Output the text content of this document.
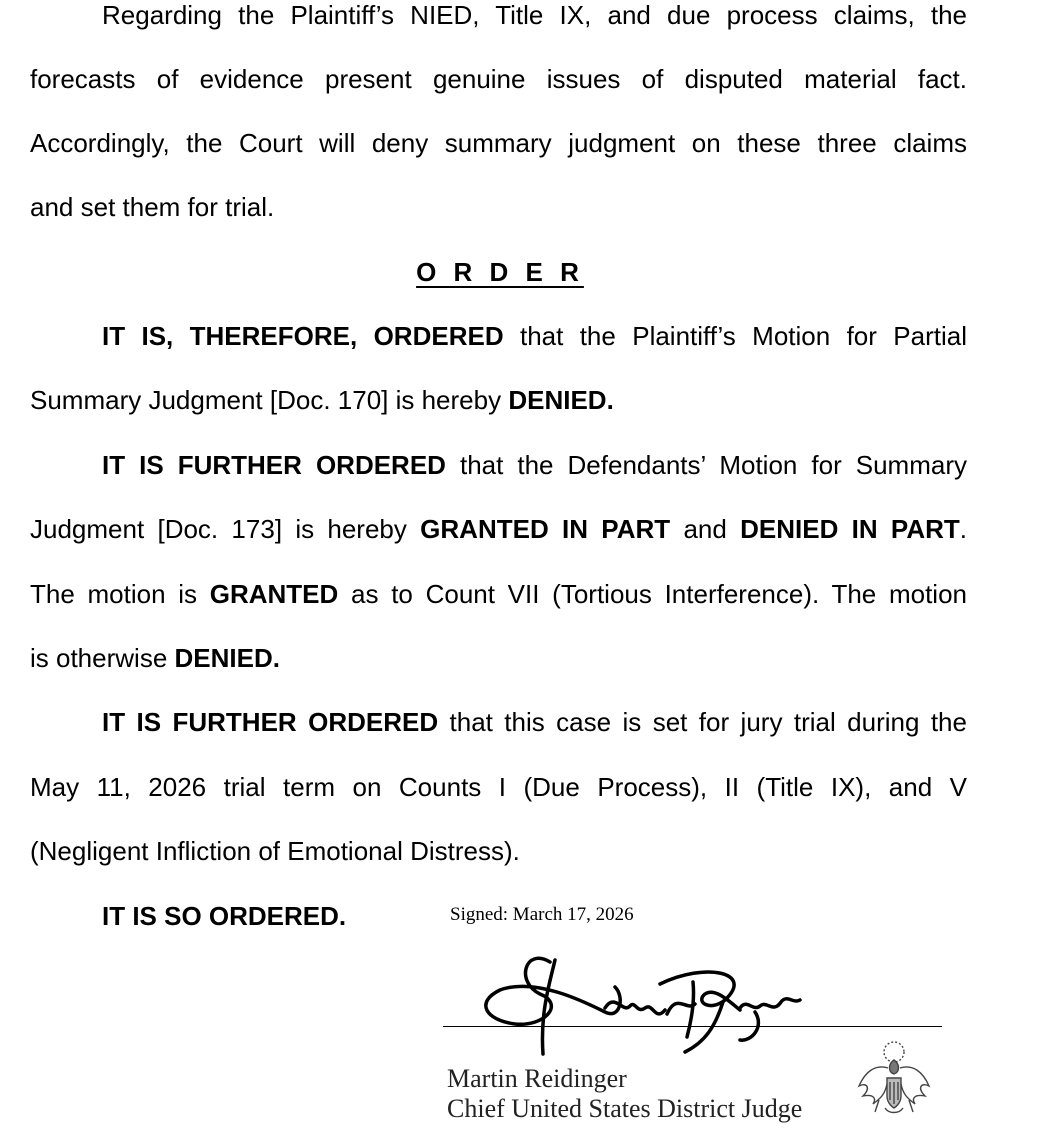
Regarding the Plaintiff’s NIED, Title IX, and due process claims, the
forecasts of evidence present genuine issues of disputed material fact.
Accordingly, the Court will deny summary judgment on these three claims
and set them for trial.
O R D E R
IT IS, THEREFORE, ORDERED that the Plaintiff’s Motion for Partial
Summary Judgment [Doc. 170] is hereby DENIED.
IT IS FURTHER ORDERED that the Defendants’ Motion for Summary
Judgment [Doc. 173] is hereby GRANTED IN PART and DENIED IN PART.
The motion is GRANTED as to Count VII (Tortious Interference). The motion
is otherwise DENIED.
IT IS FURTHER ORDERED that this case is set for jury trial during the
May 11, 2026 trial term on Counts I (Due Process), II (Title IX), and V
(Negligent Infliction of Emotional Distress).
IT IS SO ORDERED.	Signed: March 17, 2026
Martin Reidinger
Chief United States District Judge
